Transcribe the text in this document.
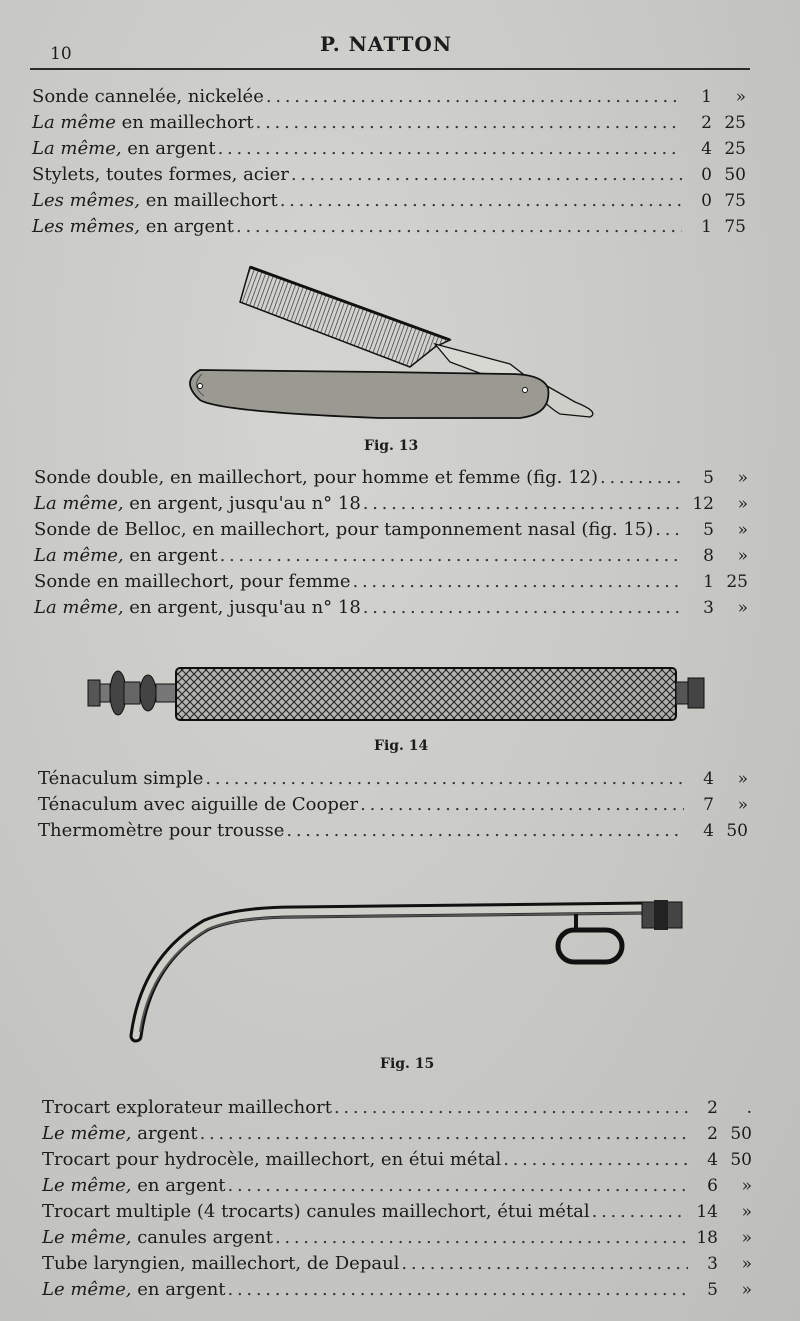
10	P. NATTON
Sonde cannelée, nickelée . . .	1 »
La même en maillechort . . .	2 25
La même, en argent . . .	4 25
Stylets, toutes formes, acier . . .	0 50
Les mêmes, en maillechort . . .	0 75
Les mêmes, en argent . . .	1 75
Fig. 13
Sonde double, en maillechort, pour homme et femme (fig. 12) . . .	5 »
La même, en argent, jusqu'au n° 18 . . .	12 »
Sonde de Belloc, en maillechort, pour tamponnement nasal (fig. 15) . . .	5 »
La même, en argent . . .	8 »
Sonde en maillechort, pour femme . . .	1 25
La même, en argent, jusqu'au n° 18 . . .	3 »
Fig. 14
Ténaculum simple . . .	4 »
Ténaculum avec aiguille de Cooper . . .	7 »
Thermomètre pour trousse . . .	4 50
Fig. 15
Trocart explorateur maillechort . . .	2 .
Le même, argent . . .	2 50
Trocart pour hydrocèle, maillechort, en étui métal . . .	4 50
Le même, en argent . . .	6 »
Trocart multiple (4 trocarts) canules maillechort, étui métal . . .	14 »
Le même, canules argent . . .	18 »
Tube laryngien, maillechort, de Depaul . . .	3 »
Le même, en argent . . .	5 »
